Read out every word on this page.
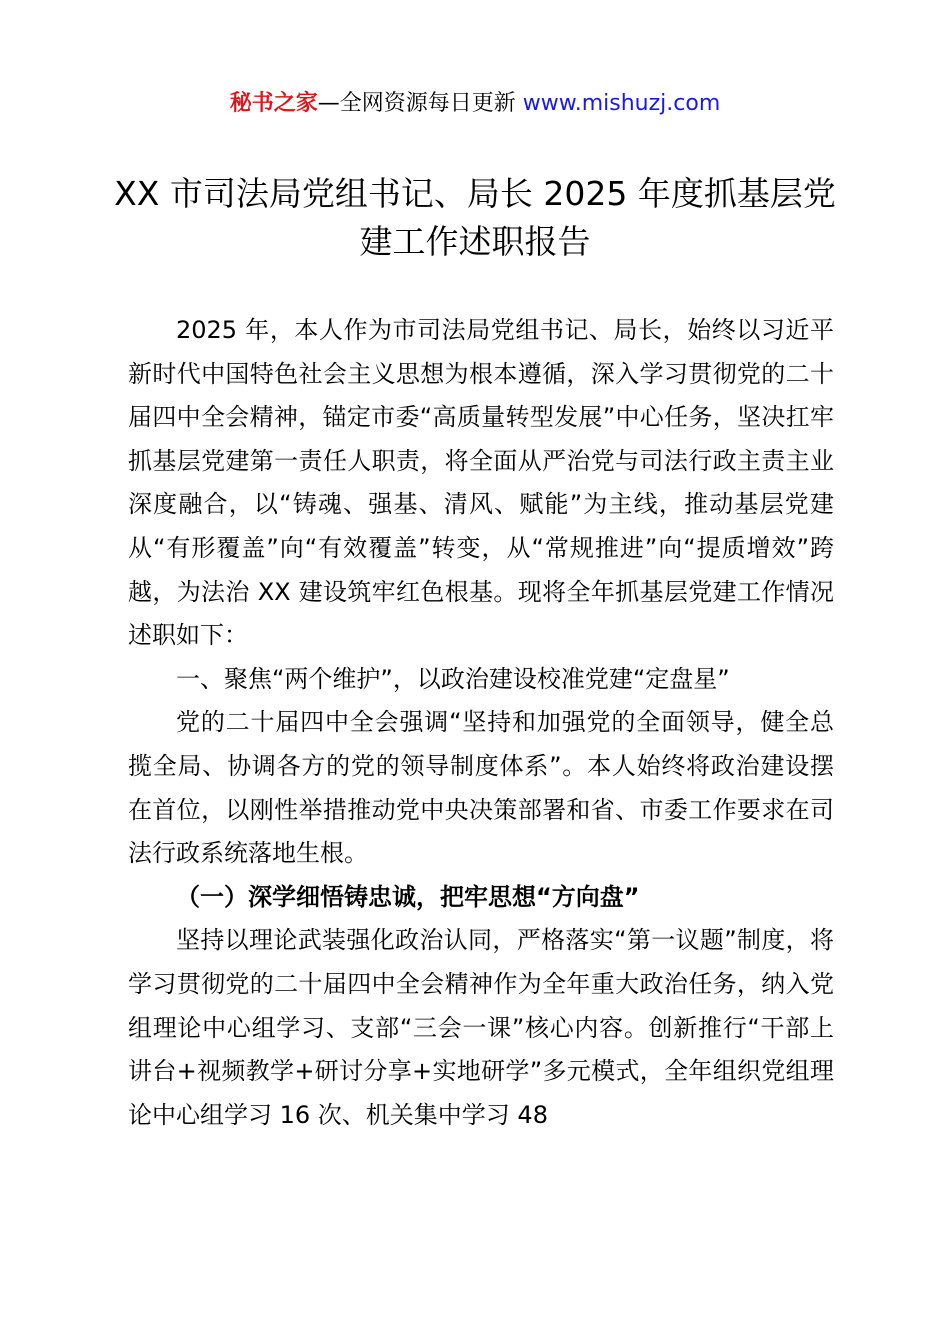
秘书之家—全网资源每日更新 www.mishuzj.com
XX 市司法局党组书记、局长 2025 年度抓基层党建工作述职报告

2025 年，本人作为市司法局党组书记、局长，始终以习近平新时代中国特色社会主义思想为根本遵循，深入学习贯彻党的二十届四中全会精神，锚定市委“高质量转型发展”中心任务，坚决扛牢抓基层党建第一责任人职责，将全面从严治党与司法行政主责主业深度融合，以“铸魂、强基、清风、赋能”为主线，推动基层党建从“有形覆盖”向“有效覆盖”转变，从“常规推进”向“提质增效”跨越，为法治 XX 建设筑牢红色根基。现将全年抓基层党建工作情况述职如下：

一、聚焦“两个维护”，以政治建设校准党建“定盘星”

党的二十届四中全会强调“坚持和加强党的全面领导，健全总揽全局、协调各方的党的领导制度体系”。本人始终将政治建设摆在首位，以刚性举措推动党中央决策部署和省、市委工作要求在司法行政系统落地生根。

（一）深学细悟铸忠诚，把牢思想“方向盘”

坚持以理论武装强化政治认同，严格落实“第一议题”制度，将学习贯彻党的二十届四中全会精神作为全年重大政治任务，纳入党组理论中心组学习、支部“三会一课”核心内容。创新推行“干部上讲台+视频教学+研讨分享+实地研学”多元模式，全年组织党组理论中心组学习 16 次、机关集中学习 48
